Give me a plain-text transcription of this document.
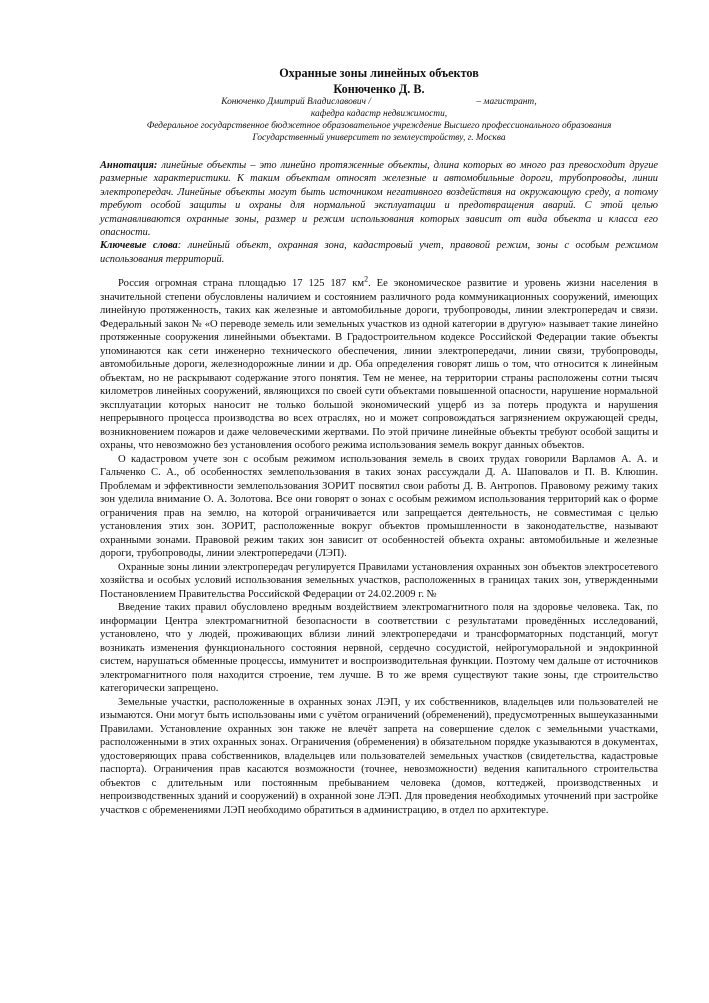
Охранные зоны линейных объектов
Конюченко Д. В.
Конюченко Дмитрий Владиславович /                                             – магистрант,
кафедра кадастр недвижимости,
Федеральное государственное бюджетное образовательное учреждение Высшего профессионального образования
Государственный университет по землеустройству, г. Москва
Аннотация: линейные объекты – это линейно протяженные объекты, длина которых во много раз превосходит другие размерные характеристики. К таким объектам относят железные и автомобильные дороги, трубопроводы, линии электропередач. Линейные объекты могут быть источником негативного воздействия на окружающую среду, а потому требуют особой защиты и охраны для нормальной эксплуатации и предотвращения аварий. С этой целью устанавливаются охранные зоны, размер и режим использования которых зависит от вида объекта и класса его опасности.
Ключевые слова: линейный объект, охранная зона, кадастровый учет, правовой режим, зоны с особым режимом использования территорий.

Россия огромная страна площадью 17 125 187 $км^2$. Ее экономическое развитие и уровень жизни населения в значительной степени обусловлены наличием и состоянием различного рода коммуникационных сооружений, имеющих линейную протяженность, таких как железные и автомобильные дороги, трубопроводы, линии электропередач и связи. Федеральный закон № «О переводе земель или земельных участков из одной категории в другую» называет такие линейно протяженные сооружения линейными объектами. В Градостроительном кодексе Российской Федерации такие объекты упоминаются как сети инженерно технического обеспечения, линии электропередачи, линии связи, трубопроводы, автомобильные дороги, железнодорожные линии и др. Оба определения говорят лишь о том, что относится к линейным объектам, но не раскрывают содержание этого понятия. Тем не менее, на территории страны расположены сотни тысяч километров линейных сооружений, являющихся по своей сути объектами повышенной опасности, нарушение нормальной эксплуатации которых наносит не только большой экономический ущерб из за потерь продукта и нарушения непрерывного процесса производства во всех отраслях, но и может сопровождаться загрязнением окружающей среды, возникновением пожаров и даже человеческими жертвами. По этой причине линейные объекты требуют особой защиты и охраны, что невозможно без установления особого режима использования земель вокруг данных объектов.

О кадастровом учете зон с особым режимом использования земель в своих трудах говорили Варламов А. А. и Гальченко С. А., об особенностях землепользования в таких зонах рассуждали Д. А. Шаповалов и П. В. Клюшин. Проблемам и эффективности землепользования ЗОРИТ посвятил свои работы Д. В. Антропов. Правовому режиму таких зон уделила внимание О. А. Золотова. Все они говорят о зонах с особым режимом использования территорий как о форме ограничения прав на землю, на которой ограничивается или запрещается деятельность, не совместимая с целью установления этих зон. ЗОРИТ, расположенные вокруг объектов промышленности в законодательстве, называют охранными зонами. Правовой режим таких зон зависит от особенностей объекта охраны: автомобильные и железные дороги, трубопроводы, линии электропередачи (ЛЭП).

Охранные зоны линии электропередач регулируется Правилами установления охранных зон объектов электросетевого хозяйства и особых условий использования земельных участков, расположенных в границах таких зон, утвержденными Постановлением Правительства Российской Федерации от 24.02.2009 г. №

Введение таких правил обусловлено вредным воздействием электромагнитного поля на здоровье человека. Так, по информации Центра электромагнитной безопасности в соответствии с результатами проведённых исследований, установлено, что у людей, проживающих вблизи линий электропередачи и трансформаторных подстанций, могут возникать изменения функционального состояния нервной, сердечно сосудистой, нейрогуморальной и эндокринной систем, нарушаться обменные процессы, иммунитет и воспроизводительная функции. Поэтому чем дальше от источников электромагнитного поля находится строение, тем лучше. В то же время существуют такие зоны, где строительство категорически запрещено.

Земельные участки, расположенные в охранных зонах ЛЭП, у их собственников, владельцев или пользователей не изымаются. Они могут быть использованы ими с учётом ограничений (обременений), предусмотренных вышеуказанными Правилами. Установление охранных зон также не влечёт запрета на совершение сделок с земельными участками, расположенными в этих охранных зонах. Ограничения (обременения) в обязательном порядке указываются в документах, удостоверяющих права собственников, владельцев или пользователей земельных участков (свидетельства, кадастровые паспорта). Ограничения прав касаются возможности (точнее, невозможности) ведения капитального строительства объектов с длительным или постоянным пребыванием человека (домов, коттеджей, производственных и непроизводственных зданий и сооружений) в охранной зоне ЛЭП. Для проведения необходимых уточнений при застройке участков с обременениями ЛЭП необходимо обратиться в администрацию, в отдел по архитектуре.
